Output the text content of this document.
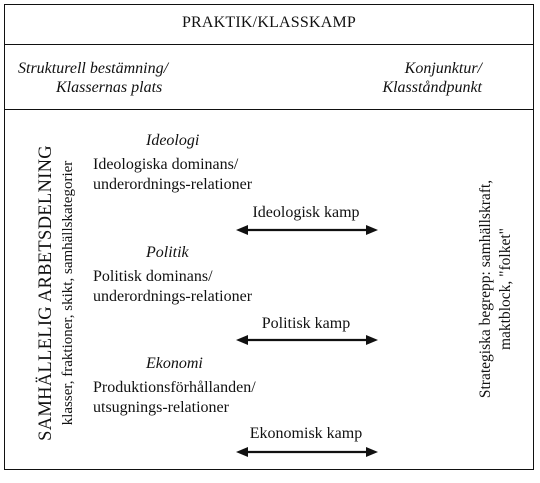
PRAKTIK/KLASSKAMP
Strukturell bestämning/
Klassernas plats
Konjunktur/
Klasståndpunkt
SAMHÄLLELIG ARBETSDELNING klasser, fraktioner, skikt, samhällskategorier	Strategiska begrepp: samhällskraft, maktblock, "folket"
Ideologi
Ideologiska dominans/
underordnings-relationer
Ideologisk kamp
Politik
Politisk dominans/
underordnings-relationer
Politisk kamp
Ekonomi
Produktionsförhållanden/
utsugnings-relationer
Ekonomisk kamp
